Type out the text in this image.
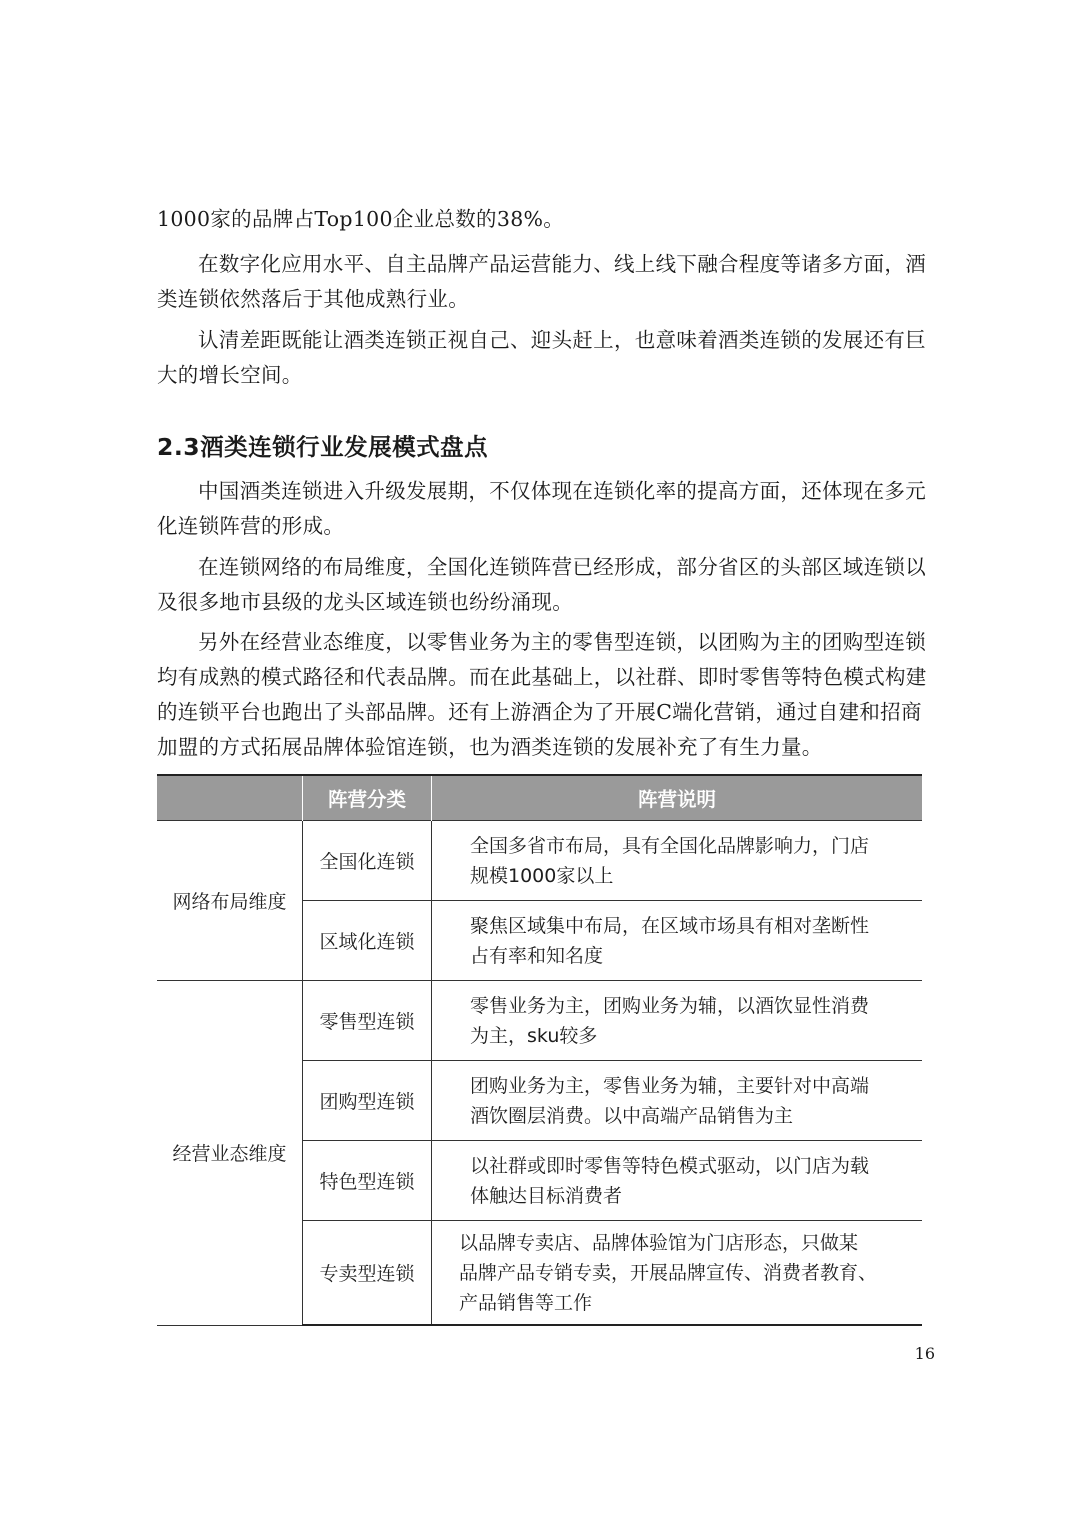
1000家的品牌占Top100企业总数的38%。

在数字化应用水平、自主品牌产品运营能力、线上线下融合程度等诸多方面，酒类连锁依然落后于其他成熟行业。

认清差距既能让酒类连锁正视自己、迎头赶上，也意味着酒类连锁的发展还有巨大的增长空间。

2.3酒类连锁行业发展模式盘点

中国酒类连锁进入升级发展期，不仅体现在连锁化率的提高方面，还体现在多元化连锁阵营的形成。

在连锁网络的布局维度，全国化连锁阵营已经形成，部分省区的头部区域连锁以及很多地市县级的龙头区域连锁也纷纷涌现。

另外在经营业态维度，以零售业务为主的零售型连锁，以团购为主的团购型连锁均有成熟的模式路径和代表品牌。而在此基础上，以社群、即时零售等特色模式构建的连锁平台也跑出了头部品牌。还有上游酒企为了开展C端化营销，通过自建和招商加盟的方式拓展品牌体验馆连锁，也为酒类连锁的发展补充了有生力量。

	阵营分类	阵营说明
网络布局维度	全国化连锁	全国多省市布局，具有全国化品牌影响力，门店
规模1000家以上

	区域化连锁	聚焦区域集中布局，在区域市场具有相对垄断性
占有率和知名度

经营业态维度	零售型连锁	零售业务为主，团购业务为辅，以酒饮显性消费
为主，sku较多

	团购型连锁	团购业务为主，零售业务为辅，主要针对中高端
酒饮圈层消费。以中高端产品销售为主

	特色型连锁	以社群或即时零售等特色模式驱动，以门店为载
体触达目标消费者

	专卖型连锁	以品牌专卖店、品牌体验馆为门店形态，只做某
品牌产品专销专卖，开展品牌宣传、消费者教育、
产品销售等工作
16
